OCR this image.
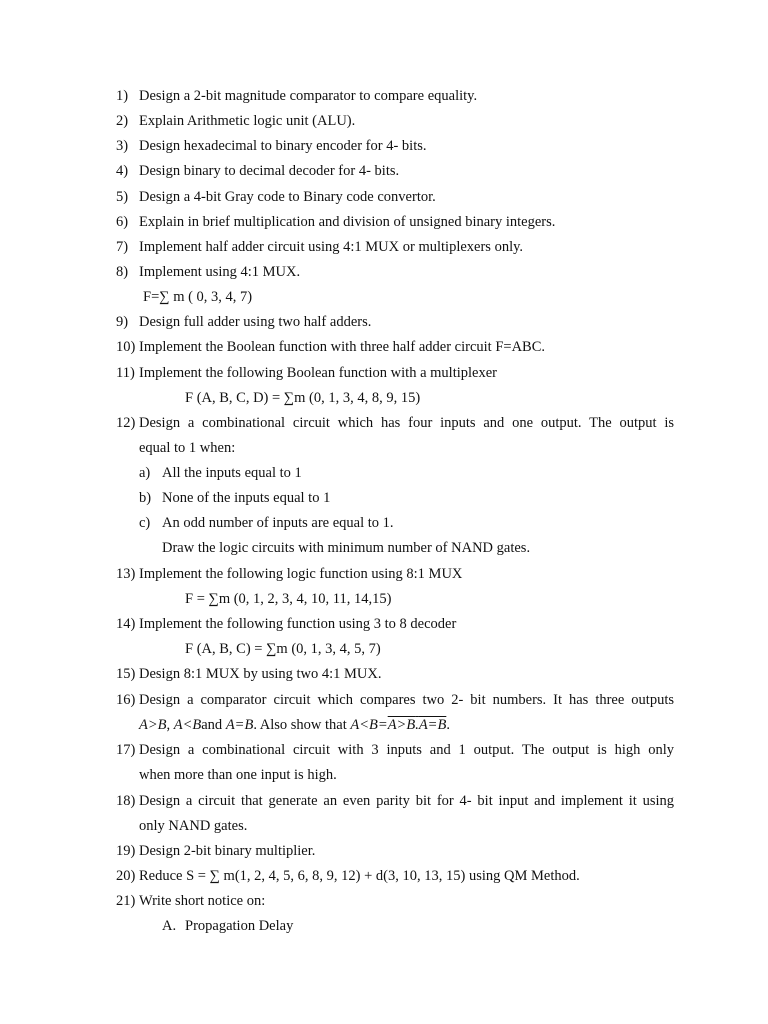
1) Design a 2-bit magnitude comparator to compare equality.
2) Explain Arithmetic logic unit (ALU).
3) Design hexadecimal to binary encoder for 4- bits.
4) Design binary to decimal decoder for 4- bits.
5) Design a 4-bit Gray code to Binary code convertor.
6) Explain in brief multiplication and division of unsigned binary integers.
7) Implement half adder circuit using 4:1 MUX or multiplexers only.
8) Implement using 4:1 MUX.
F=∑ m ( 0, 3, 4, 7)
9) Design full adder using two half adders.
10) Implement the Boolean function with three half adder circuit F=ABC.
11) Implement the following Boolean function with a multiplexer
F (A, B, C, D) = ∑m (0, 1, 3, 4, 8, 9, 15)
12) Design a combinational circuit which has four inputs and one output. The output is
equal to 1 when:
a) All the inputs equal to 1
b) None of the inputs equal to 1
c) An odd number of inputs are equal to 1.
Draw the logic circuits with minimum number of NAND gates.
13) Implement the following logic function using 8:1 MUX
F = ∑m (0, 1, 2, 3, 4, 10, 11, 14,15)
14) Implement the following function using 3 to 8 decoder
F (A, B, C) = ∑m (0, 1, 3, 4, 5, 7)
15) Design 8:1 MUX by using two 4:1 MUX.
16) Design a comparator circuit which compares two 2- bit numbers. It has three outputs
A>B, A<Band A=B. Also show that A<B=A>B.A=B.
17) Design a combinational circuit with 3 inputs and 1 output. The output is high only
when more than one input is high.
18) Design a circuit that generate an even parity bit for 4- bit input and implement it using
only NAND gates.
19) Design 2-bit binary multiplier.
20) Reduce S = ∑ m(1, 2, 4, 5, 6, 8, 9, 12) + d(3, 10, 13, 15) using QM Method.
21) Write short notice on:
A. Propagation Delay
